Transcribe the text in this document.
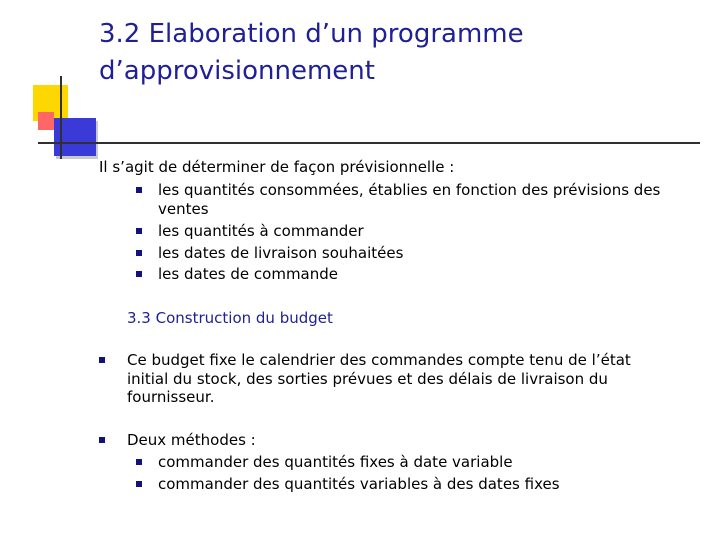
3.2 Elaboration d’un programme
d’approvisionnement

Il s’agit de déterminer de façon prévisionnelle :

les quantités consommées, établies en fonction des prévisions des

ventes

les quantités à commander

les dates de livraison souhaitées

les dates de commande

3.3 Construction du budget

Ce budget fixe le calendrier des commandes compte tenu de l’état

initial du stock, des sorties prévues et des délais de livraison du

fournisseur.

Deux méthodes :

commander des quantités fixes à date variable

commander des quantités variables à des dates fixes
